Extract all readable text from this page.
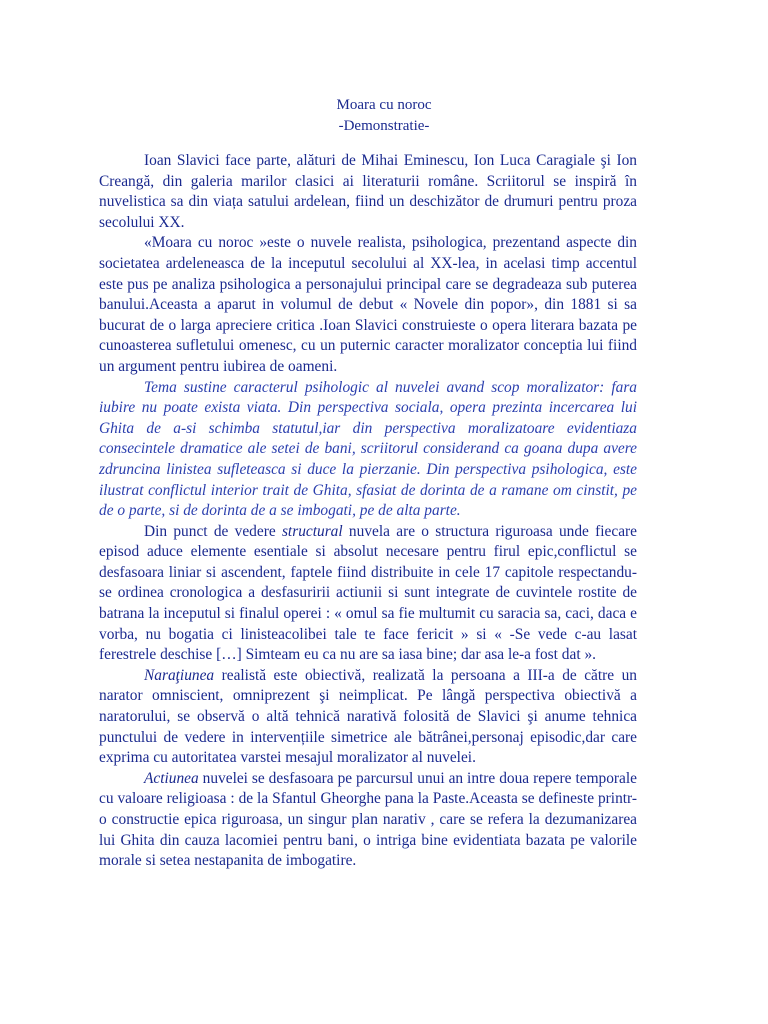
Moara cu noroc
-Demonstratie-

Ioan Slavici face parte, alături de Mihai Eminescu, Ion Luca Caragiale şi Ion Creangă, din galeria marilor clasici ai literaturii române. Scriitorul se inspiră în nuvelistica sa din viața satului ardelean, fiind un deschizător de drumuri pentru proza secolului XX.

«Moara cu noroc »este o nuvele realista, psihologica, prezentand aspecte din societatea ardeleneasca de la inceputul secolului al XX-lea, in acelasi timp accentul este pus pe analiza psihologica a personajului principal care se degradeaza sub puterea banului.Aceasta a aparut in volumul de debut « Novele din popor», din 1881 si sa bucurat de o larga apreciere critica .Ioan Slavici construieste o opera literara bazata pe cunoasterea sufletului omenesc, cu un puternic caracter moralizator conceptia lui fiind un argument pentru iubirea de oameni.

Tema sustine caracterul psihologic al nuvelei avand scop moralizator: fara iubire nu poate exista viata. Din perspectiva sociala, opera prezinta incercarea lui Ghita de a-si schimba statutul,iar din perspectiva moralizatoare evidentiaza consecintele dramatice ale setei de bani, scriitorul considerand ca goana dupa avere zdruncina linistea sufleteasca si duce la pierzanie. Din perspectiva psihologica, este ilustrat conflictul interior trait de Ghita, sfasiat de dorinta de a ramane om cinstit, pe de o parte, si de dorinta de a se imbogati, pe de alta parte.

Din punct de vedere structural nuvela are o structura riguroasa unde fiecare episod aduce elemente esentiale si absolut necesare pentru firul epic,conflictul se desfasoara liniar si ascendent, faptele fiind distribuite in cele 17 capitole respectandu-se ordinea cronologica a desfasuririi actiunii si sunt integrate de cuvintele rostite de batrana la inceputul si finalul operei : « omul sa fie multumit cu saracia sa, caci, daca e vorba, nu bogatia ci linisteacolibei tale te face fericit » si « -Se vede c-au lasat ferestrele deschise […] Simteam eu ca nu are sa iasa bine; dar asa le-a fost dat ».

Naraţiunea realistă este obiectivă, realizată la persoana a III-a de către un narator omniscient, omniprezent şi neimplicat. Pe lângă perspectiva obiectivă a naratorului, se observă o altă tehnică narativă folosită de Slavici şi anume tehnica punctului de vedere in intervențiile simetrice ale bătrânei,personaj episodic,dar care exprima cu autoritatea varstei mesajul moralizator al nuvelei.

Actiunea nuvelei se desfasoara pe parcursul unui an intre doua repere temporale cu valoare religioasa : de la Sfantul Gheorghe pana la Paste.Aceasta se defineste printr-o constructie epica riguroasa, un singur plan narativ , care se refera la dezumanizarea lui Ghita din cauza lacomiei pentru bani, o intriga bine evidentiata bazata pe valorile morale si setea nestapanita de imbogatire.
